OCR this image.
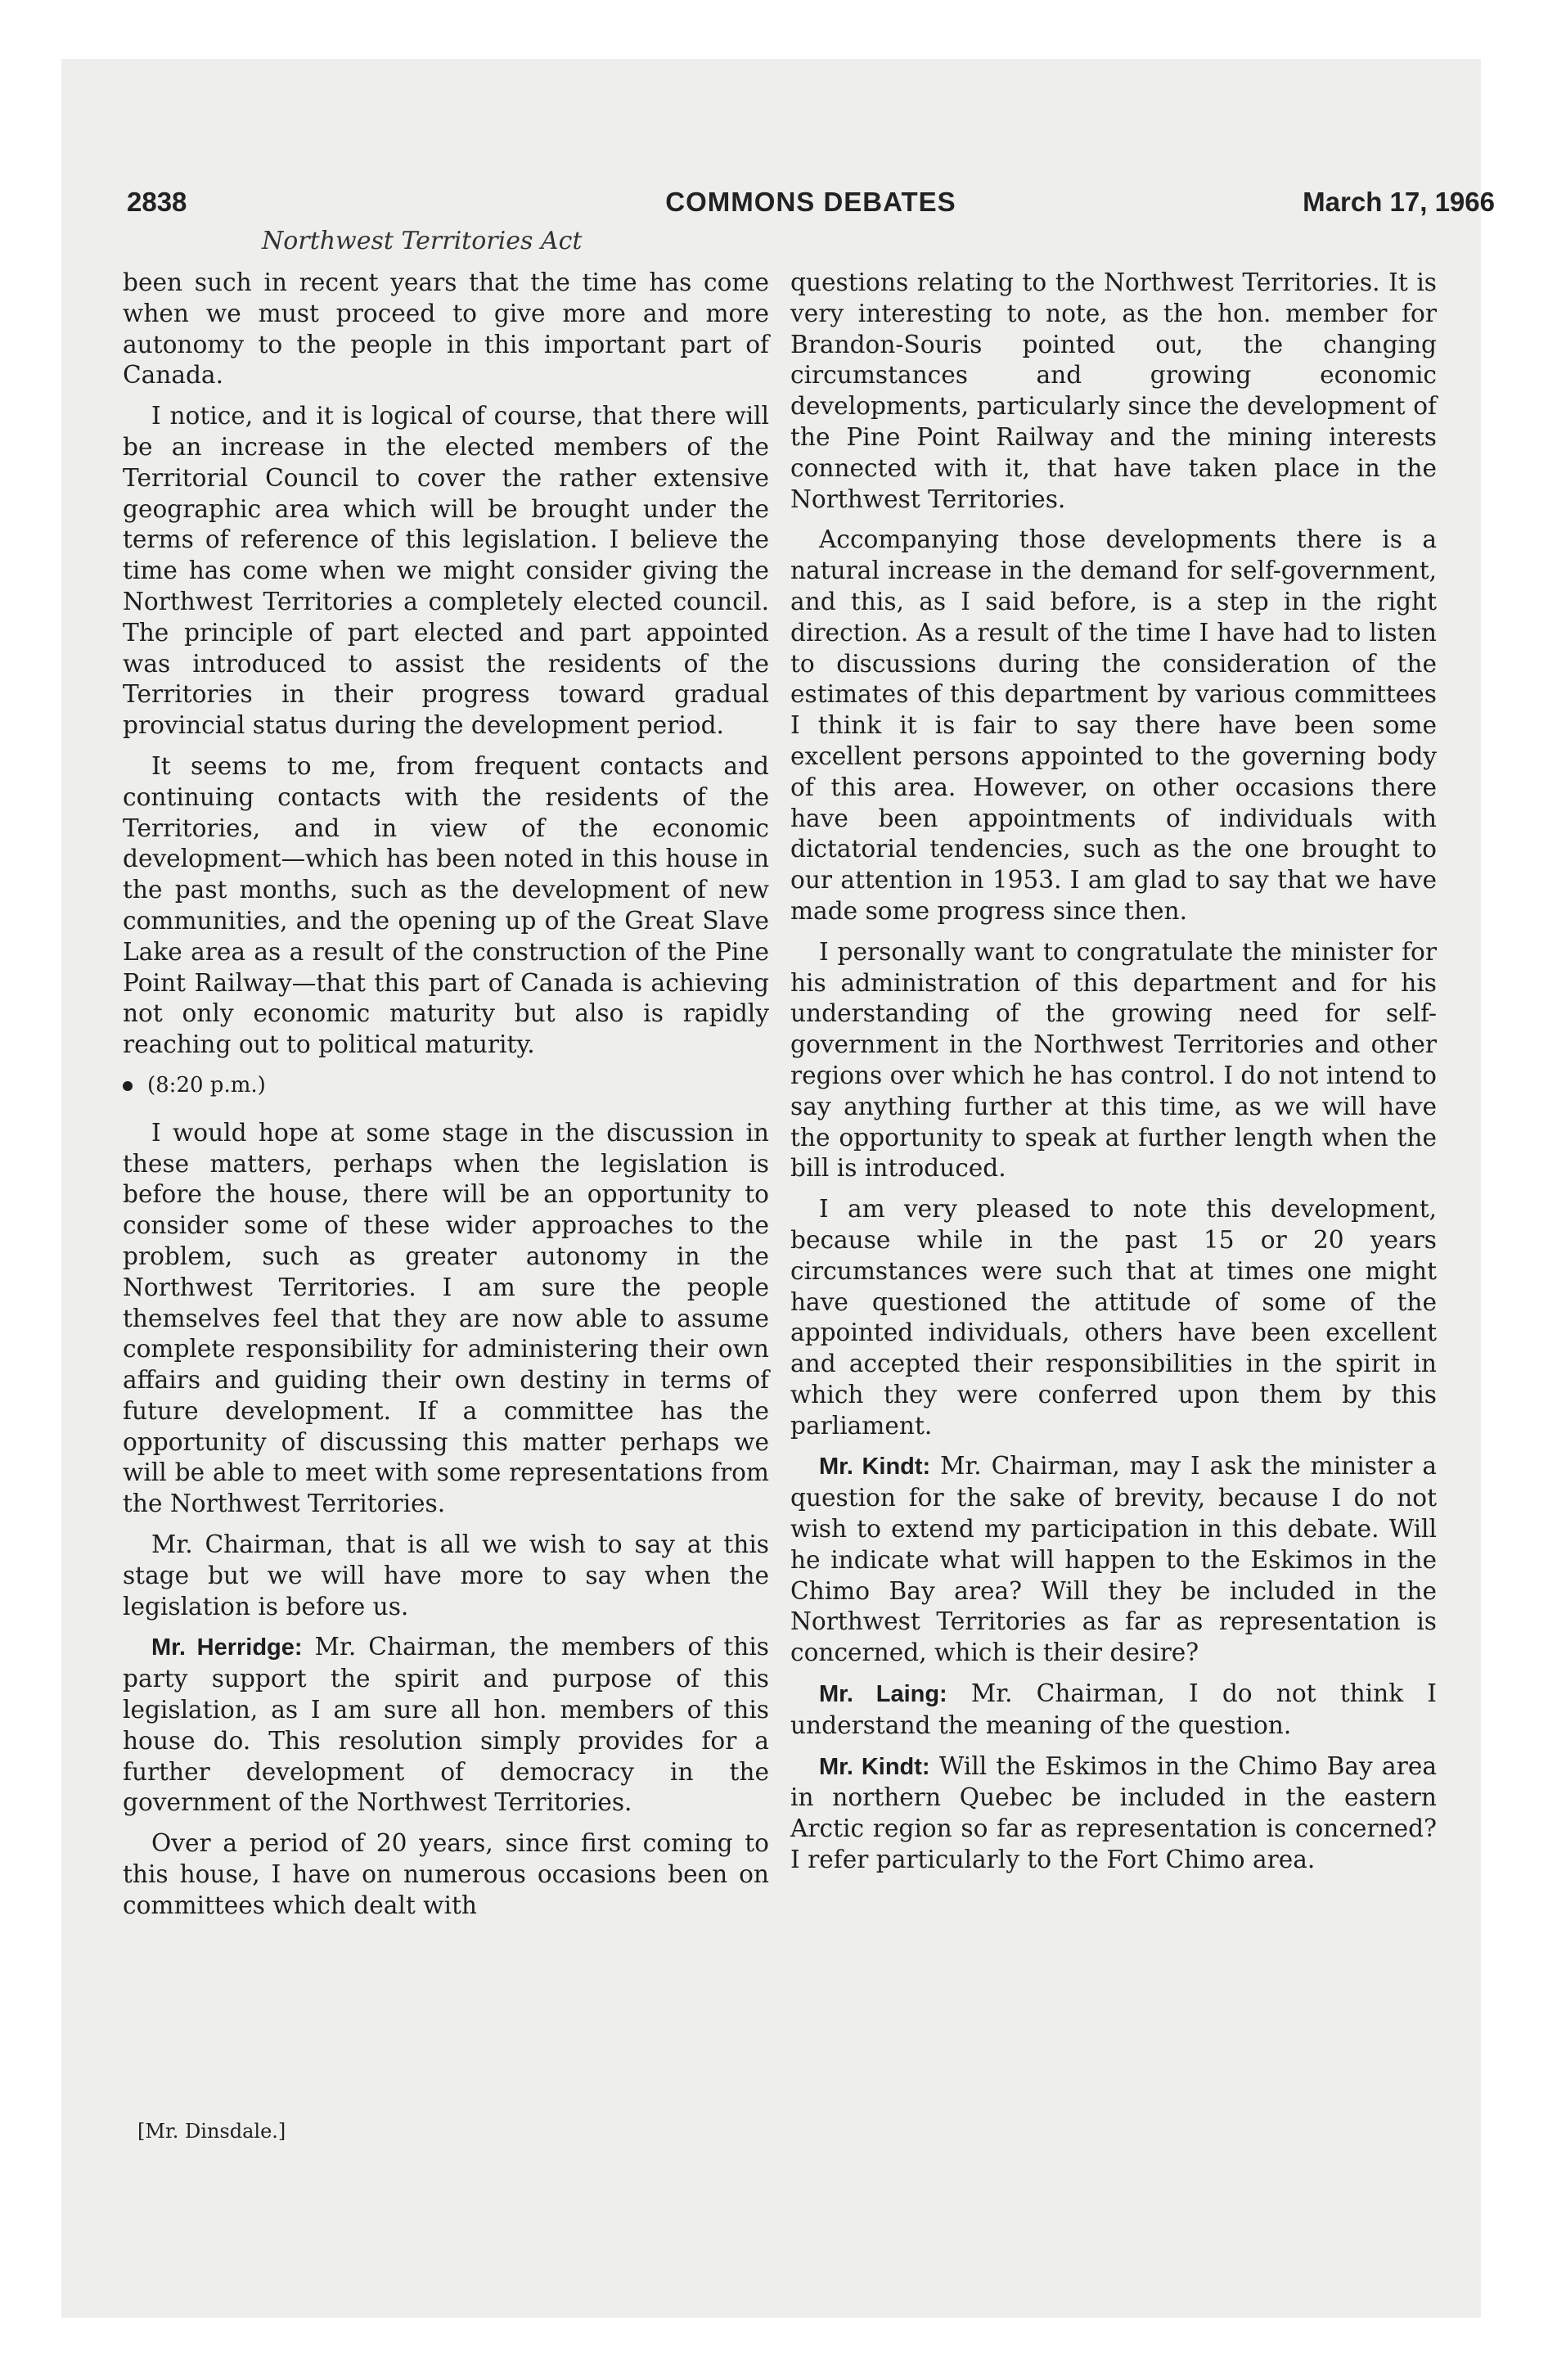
2838	COMMONS DEBATES	March 17, 1966
Northwest Territories Act

been such in recent years that the time has come when we must proceed to give more and more autonomy to the people in this important part of Canada.

I notice, and it is logical of course, that there will be an increase in the elected members of the Territorial Council to cover the rather extensive geographic area which will be brought under the terms of reference of this legislation. I believe the time has come when we might consider giving the Northwest Territories a completely elected council. The principle of part elected and part appointed was introduced to assist the residents of the Territories in their progress toward gradual provincial status during the development period.

It seems to me, from frequent contacts and continuing contacts with the residents of the Territories, and in view of the economic development—which has been noted in this house in the past months, such as the development of new communities, and the opening up of the Great Slave Lake area as a result of the construction of the Pine Point Railway—that this part of Canada is achieving not only economic maturity but also is rapidly reaching out to political maturity.

(8:20 p.m.)

I would hope at some stage in the discussion in these matters, perhaps when the legislation is before the house, there will be an opportunity to consider some of these wider approaches to the problem, such as greater autonomy in the Northwest Territories. I am sure the people themselves feel that they are now able to assume complete responsibility for administering their own affairs and guiding their own destiny in terms of future development. If a committee has the opportunity of discussing this matter perhaps we will be able to meet with some representations from the Northwest Territories.

Mr. Chairman, that is all we wish to say at this stage but we will have more to say when the legislation is before us.

Mr. Herridge: Mr. Chairman, the members of this party support the spirit and purpose of this legislation, as I am sure all hon. members of this house do. This resolution simply provides for a further development of democracy in the government of the Northwest Territories.

Over a period of 20 years, since first coming to this house, I have on numerous occasions been on committees which dealt with

questions relating to the Northwest Territories. It is very interesting to note, as the hon. member for Brandon-Souris pointed out, the changing circumstances and growing economic developments, particularly since the development of the Pine Point Railway and the mining interests connected with it, that have taken place in the Northwest Territories.

Accompanying those developments there is a natural increase in the demand for self-government, and this, as I said before, is a step in the right direction. As a result of the time I have had to listen to discussions during the consideration of the estimates of this department by various committees I think it is fair to say there have been some excellent persons appointed to the governing body of this area. However, on other occasions there have been appointments of individuals with dictatorial tendencies, such as the one brought to our attention in 1953. I am glad to say that we have made some progress since then.

I personally want to congratulate the minister for his administration of this department and for his understanding of the growing need for self-government in the Northwest Territories and other regions over which he has control. I do not intend to say anything further at this time, as we will have the opportunity to speak at further length when the bill is introduced.

I am very pleased to note this development, because while in the past 15 or 20 years circumstances were such that at times one might have questioned the attitude of some of the appointed individuals, others have been excellent and accepted their responsibilities in the spirit in which they were conferred upon them by this parliament.

Mr. Kindt: Mr. Chairman, may I ask the minister a question for the sake of brevity, because I do not wish to extend my participation in this debate. Will he indicate what will happen to the Eskimos in the Chimo Bay area? Will they be included in the Northwest Territories as far as representation is concerned, which is their desire?

Mr. Laing: Mr. Chairman, I do not think I understand the meaning of the question.

Mr. Kindt: Will the Eskimos in the Chimo Bay area in northern Quebec be included in the eastern Arctic region so far as representation is concerned? I refer particularly to the Fort Chimo area.

[Mr. Dinsdale.]
